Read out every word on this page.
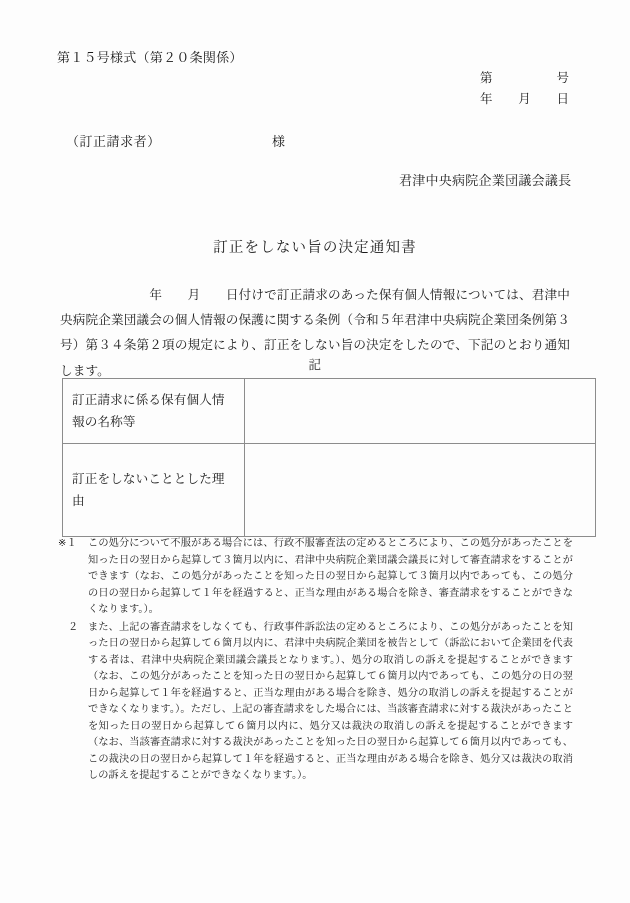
第１５号様式（第２０条関係）
第　　　　　号
年　　月　　日
（訂正請求者）	様
君津中央病院企業団議会議長
訂正をしない旨の決定通知書
　　　　　　　年　　月　　日付けで訂正請求のあった保有個人情報については、君津中央病院企業団議会の個人情報の保護に関する条例（令和５年君津中央病院企業団条例第３号）第３４条第２項の規定により、訂正をしない旨の決定をしたので、下記のとおり通知します。	記
訂正請求に係る保有個人情報の名称等	
訂正をしないこととした理由	
※１	この処分について不服がある場合には、行政不服審査法の定めるところにより、この処分があったことを知った日の翌日から起算して３箇月以内に、君津中央病院企業団議会議長に対して審査請求をすることができます（なお、この処分があったことを知った日の翌日から起算して３箇月以内であっても、この処分の日の翌日から起算して１年を経過すると、正当な理由がある場合を除き、審査請求をすることができなくなります。）。
２ また、上記の審査請求をしなくても、行政事件訴訟法の定めるところにより、この処分があったことを知った日の翌日から起算して６箇月以内に、君津中央病院企業団を被告として（訴訟において企業団を代表する者は、君津中央病院企業団議会議長となります。）、処分の取消しの訴えを提起することができます（なお、この処分があったことを知った日の翌日から起算して６箇月以内であっても、この処分の日の翌日から起算して１年を経過すると、正当な理由がある場合を除き、処分の取消しの訴えを提起することができなくなります。）。ただし、上記の審査請求をした場合には、当該審査請求に対する裁決があったことを知った日の翌日から起算して６箇月以内に、処分又は裁決の取消しの訴えを提起することができます（なお、当該審査請求に対する裁決があったことを知った日の翌日から起算して６箇月以内であっても、この裁決の日の翌日から起算して１年を経過すると、正当な理由がある場合を除き、処分又は裁決の取消しの訴えを提起することができなくなります。）。
